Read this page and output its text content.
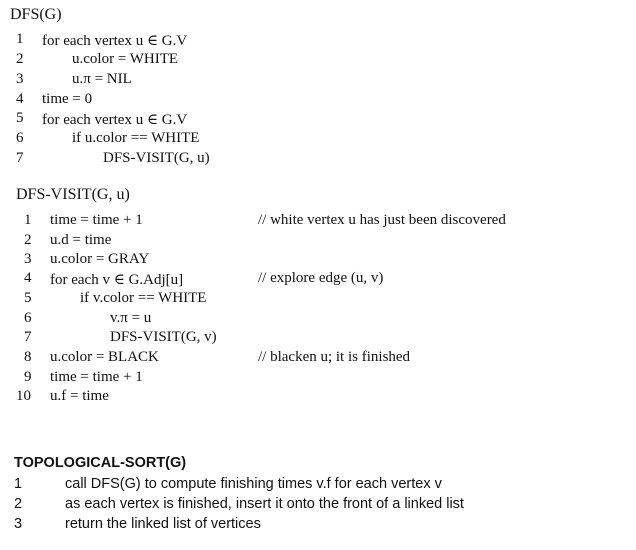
DFS(G)
1 for each vertex u ∈ G.V
2	u.color = WHITE
3	u.π = NIL
4 time = 0
5 for each vertex u ∈ G.V
6	if u.color == WHITE
7	DFS-VISIT(G, u)
DFS-VISIT(G, u)
1 time = time + 1	// white vertex u has just been discovered
2 u.d = time
3 u.color = GRAY
4 for each v ∈ G.Adj[u]	// explore edge (u, v)
5	if v.color == WHITE
6	v.π = u
7	DFS-VISIT(G, v)
8 u.color = BLACK	// blacken u; it is finished
9 time = time + 1
10 u.f = time
TOPOLOGICAL-SORT(G)
1	call DFS(G) to compute finishing times v.f for each vertex v
2	as each vertex is finished, insert it onto the front of a linked list
3	return the linked list of vertices
